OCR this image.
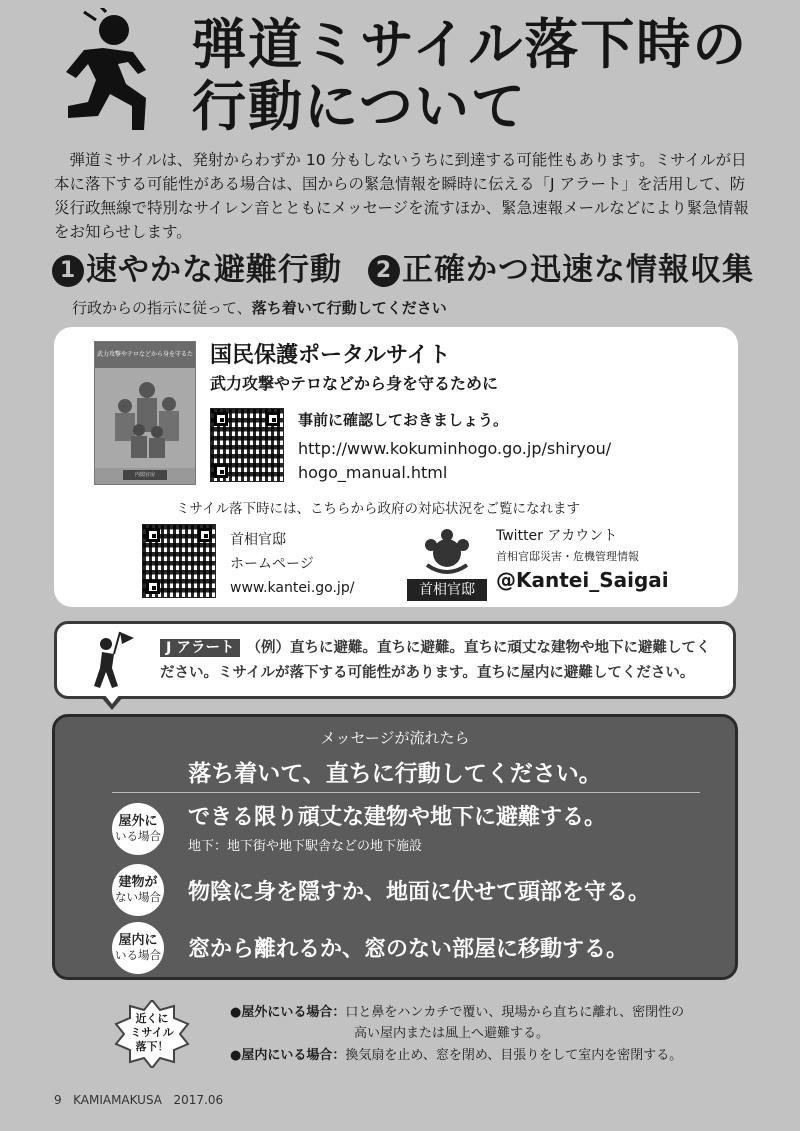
弾道ミサイル落下時の
行動について
弾道ミサイルは、発射からわずか 10 分もしないうちに到達する可能性もあります。ミサイルが日本に落下する可能性がある場合は、国からの緊急情報を瞬時に伝える「J アラート」を活用して、防災行政無線で特別なサイレン音とともにメッセージを流すほか、緊急速報メールなどにより緊急情報をお知らせします。
1 速やかな避難行動 2 正確かつ迅速な情報収集
行政からの指示に従って、落ち着いて行動してください
武力攻撃やテロなどから身を守るた
内閣官房
国民保護ポータルサイト
武力攻撃やテロなどから身を守るために
事前に確認しておきましょう。
http://www.kokuminhogo.go.jp/shiryou/
hogo_manual.html
ミサイル落下時には、こちらから政府の対応状況をご覧になれます
首相官邸
ホームページ
www.kantei.go.jp/	首相官邸
Twitter アカウント
首相官邸災害・危機管理情報
@Kantei_Saigai
J アラート （例）直ちに避難。直ちに避難。直ちに頑丈な建物や地下に避難してく
ださい。ミサイルが落下する可能性があります。直ちに屋内に避難してください。
メッセージが流れたら
落ち着いて、直ちに行動してください。
屋外に
いる場合
できる限り頑丈な建物や地下に避難する。
地下：地下街や地下駅舎などの地下施設
建物が
ない場合 物陰に身を隠すか、地面に伏せて頭部を守る。
屋内に
いる場合 窓から離れるか、窓のない部屋に移動する。
近くに
ミサイル
落下！
●屋外にいる場合：口と鼻をハンカチで覆い、現場から直ちに離れ、密閉性の
高い屋内または風上へ避難する。
●屋内にいる場合：換気扇を止め、窓を閉め、目張りをして室内を密閉する。
9 KAMIAMAKUSA 2017.06
